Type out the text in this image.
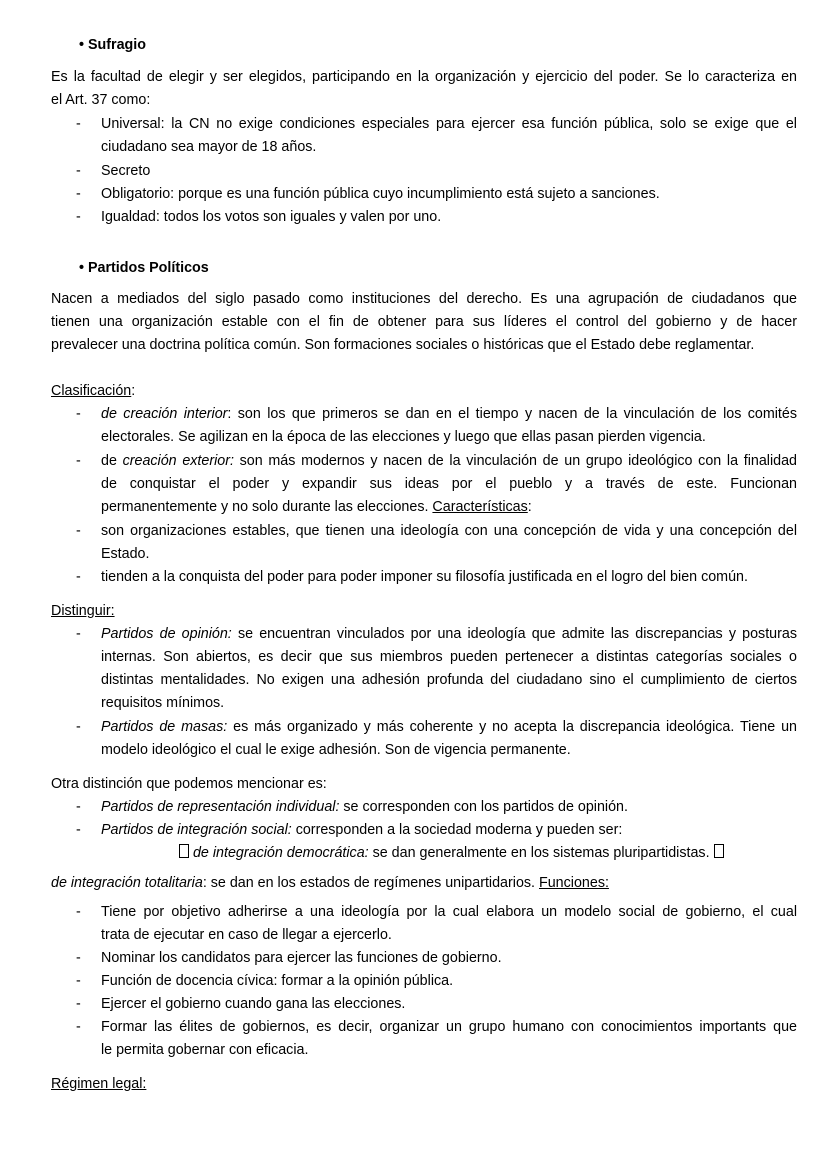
• Sufragio
Es la facultad de elegir y ser elegidos, participando en la organización y ejercicio del poder. Se lo caracteriza en
el Art. 37 como:
- Universal: la CN no exige condiciones especiales para ejercer esa función pública, solo se exige que el
ciudadano sea mayor de 18 años.
- Secreto
- Obligatorio: porque es una función pública cuyo incumplimiento está sujeto a sanciones.
- Igualdad: todos los votos son iguales y valen por uno.
• Partidos Políticos
Nacen a mediados del siglo pasado como instituciones del derecho. Es una agrupación de ciudadanos que
tienen una organización estable con el fin de obtener para sus líderes el control del gobierno y de hacer
prevalecer una doctrina política común. Son formaciones sociales o históricas que el Estado debe reglamentar.
Clasificación:
- de creación interior: son los que primeros se dan en el tiempo y nacen de la vinculación de los comités
electorales. Se agilizan en la época de las elecciones y luego que ellas pasan pierden vigencia.
- de creación exterior: son más modernos y nacen de la vinculación de un grupo ideológico con la finalidad
de conquistar el poder y expandir sus ideas por el pueblo y a través de este. Funcionan
permanentemente y no solo durante las elecciones. Características:
- son organizaciones estables, que tienen una ideología con una concepción de vida y una concepción del
Estado.
- tienden a la conquista del poder para poder imponer su filosofía justificada en el logro del bien común.
Distinguir:
- Partidos de opinión: se encuentran vinculados por una ideología que admite las discrepancias y posturas
internas. Son abiertos, es decir que sus miembros pueden pertenecer a distintas categorías sociales o
distintas mentalidades. No exigen una adhesión profunda del ciudadano sino el cumplimiento de ciertos
requisitos mínimos.
- Partidos de masas: es más organizado y más coherente y no acepta la discrepancia ideológica. Tiene un
modelo ideológico el cual le exige adhesión. Son de vigencia permanente.
Otra distinción que podemos mencionar es:
- Partidos de representación individual: se corresponden con los partidos de opinión.
- Partidos de integración social: corresponden a la sociedad moderna y pueden ser:
de integración democrática: se dan generalmente en los sistemas pluripartidistas.
de integración totalitaria: se dan en los estados de regímenes unipartidarios. Funciones:
- Tiene por objetivo adherirse a una ideología por la cual elabora un modelo social de gobierno, el cual
trata de ejecutar en caso de llegar a ejercerlo.
- Nominar los candidatos para ejercer las funciones de gobierno.
- Función de docencia cívica: formar a la opinión pública.
- Ejercer el gobierno cuando gana las elecciones.
- Formar las élites de gobiernos, es decir, organizar un grupo humano con conocimientos importants que
le permita gobernar con eficacia.
Régimen legal:
